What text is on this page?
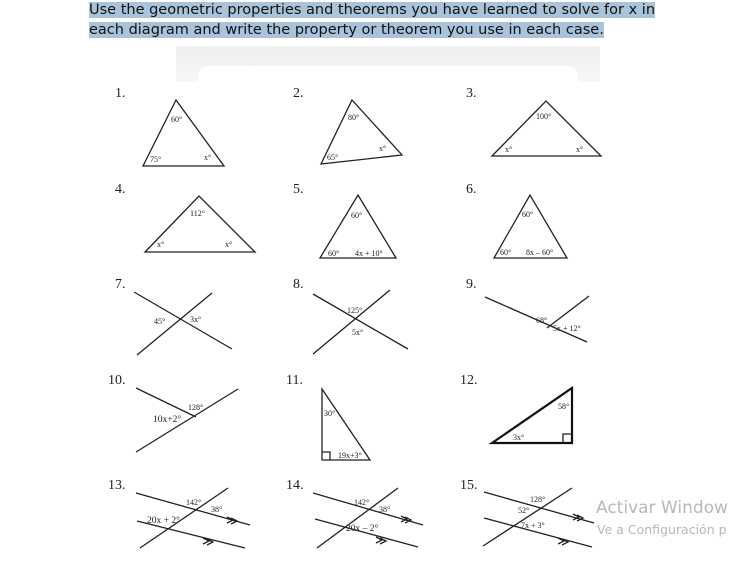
Use the geometric properties and theorems you have learned to solve for x in each diagram and write the property or theorem you use in each case.
1.
60°
75°	x°
2.
80°
65°
x°
3.
100°
x°	x°
4.
112°
x°	x°
5.
60°
60° 4x + 10°
6.
60°
60° 8x – 60°
7.
45°	3x°
8.
125°
5x°
9.
68°
5x + 12°
10.
128°
10x+2°
11.
30°
19x+3°
12.
58°
3x°
13.
142°
38°
20x + 2°
14.
142°
38°
20x – 2°
15.
128°
52°
7x + 3°
Activar Window
Ve a Configuración p
